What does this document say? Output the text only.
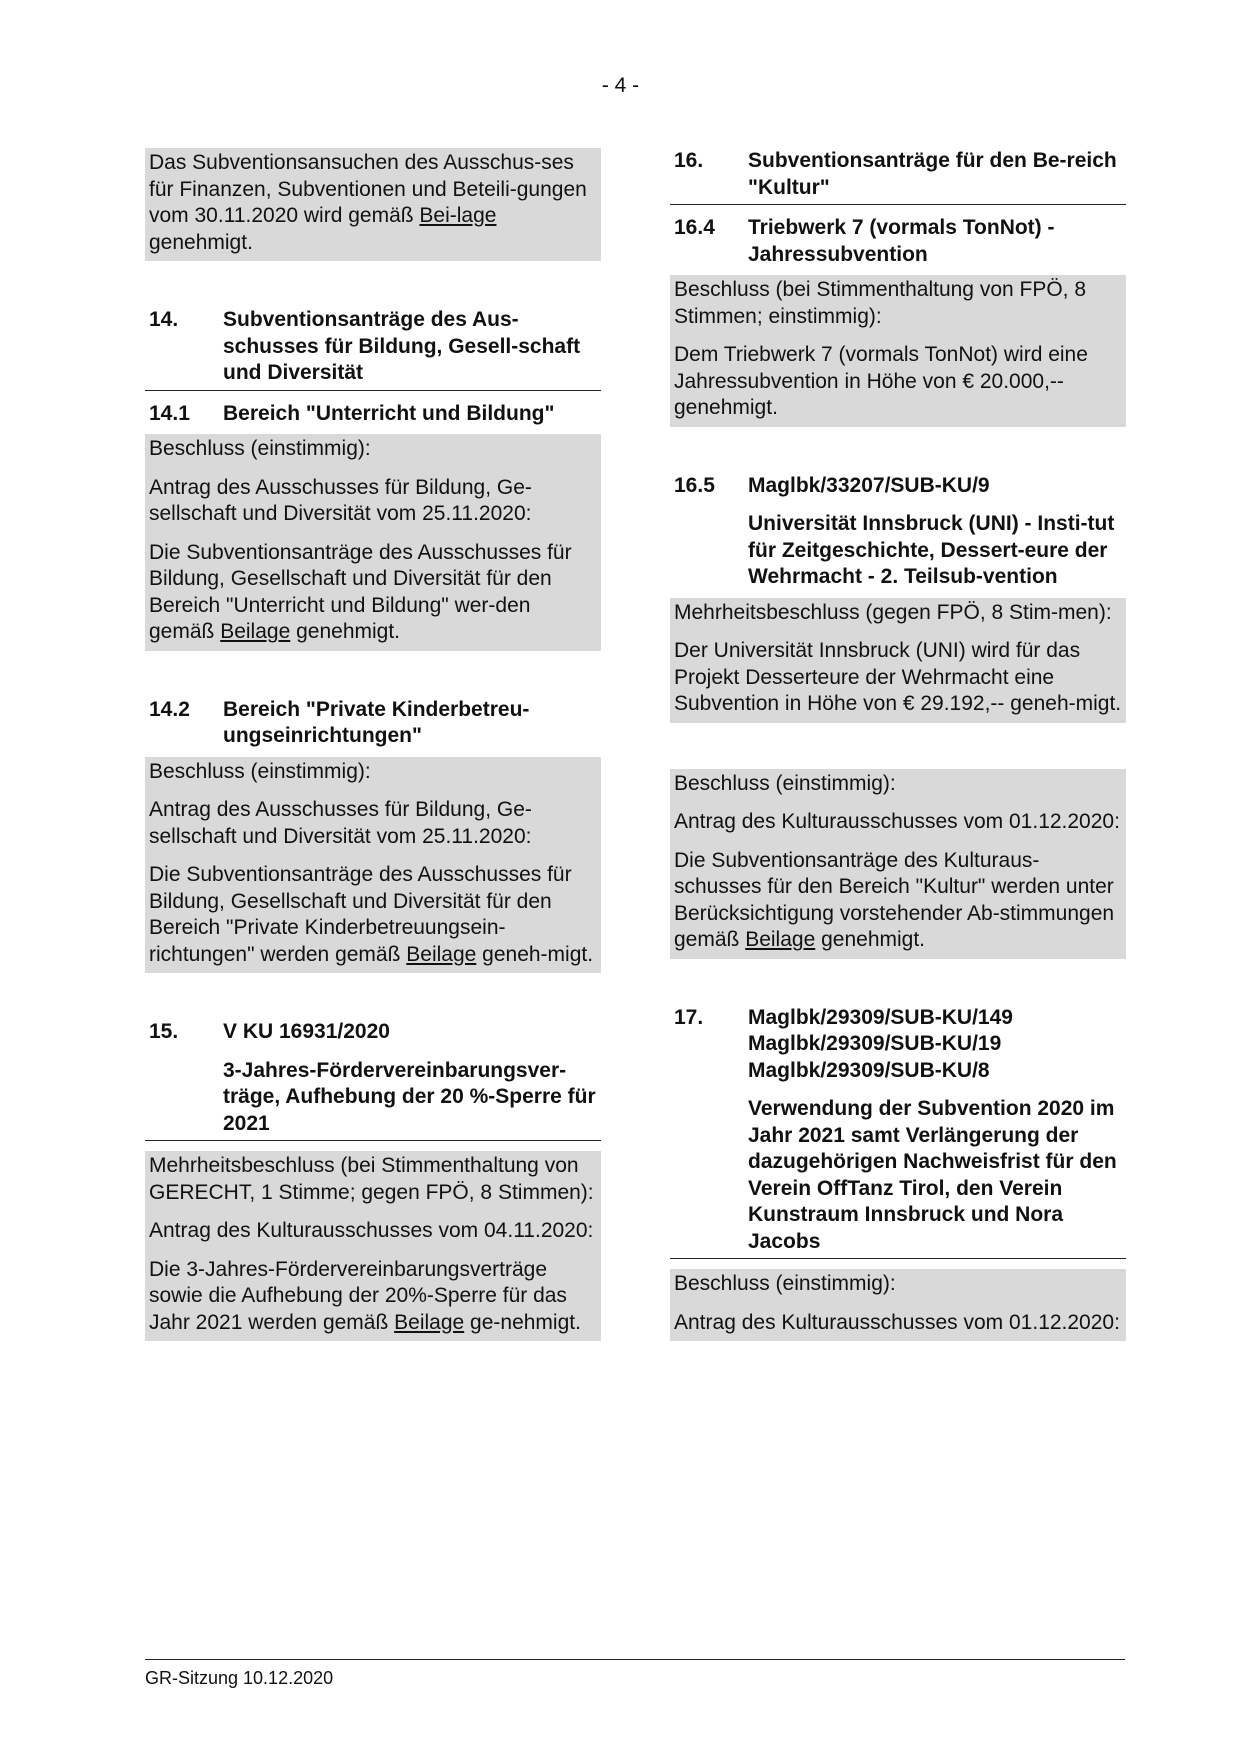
- 4 -

Das Subventionsansuchen des Ausschus-ses für Finanzen, Subventionen und Beteili-gungen vom 30.11.2020 wird gemäß Bei-lage genehmigt.

14.	Subventionsanträge des Aus-schusses für Bildung, Gesell-schaft und Diversität
14.1	Bereich "Unterricht und Bildung"

Beschluss (einstimmig):

Antrag des Ausschusses für Bildung, Ge-sellschaft und Diversität vom 25.11.2020:

Die Subventionsanträge des Ausschusses für Bildung, Gesellschaft und Diversität für den Bereich "Unterricht und Bildung" wer-den gemäß Beilage genehmigt.

14.2	Bereich "Private Kinderbetreu-ungseinrichtungen"

Beschluss (einstimmig):

Antrag des Ausschusses für Bildung, Ge-sellschaft und Diversität vom 25.11.2020:

Die Subventionsanträge des Ausschusses für Bildung, Gesellschaft und Diversität für den Bereich "Private Kinderbetreuungsein-richtungen" werden gemäß Beilage geneh-migt.

15.	V KU 16931/2020
3-Jahres-Fördervereinbarungsver-träge, Aufhebung der 20 %-Sperre für 2021

Mehrheitsbeschluss (bei Stimmenthaltung von GERECHT, 1 Stimme; gegen FPÖ, 8 Stimmen):

Antrag des Kulturausschusses vom 04.11.2020:

Die 3-Jahres-Fördervereinbarungsverträge sowie die Aufhebung der 20%-Sperre für das Jahr 2021 werden gemäß Beilage ge-nehmigt.

16.	Subventionsanträge für den Be-reich "Kultur"
16.4	Triebwerk 7 (vormals TonNot) - Jahressubvention

Beschluss (bei Stimmenthaltung von FPÖ, 8 Stimmen; einstimmig):

Dem Triebwerk 7 (vormals TonNot) wird eine Jahressubvention in Höhe von € 20.000,-- genehmigt.

16.5	Maglbk/33207/SUB-KU/9
Universität Innsbruck (UNI) - Insti-tut für Zeitgeschichte, Dessert-eure der Wehrmacht - 2. Teilsub-vention

Mehrheitsbeschluss (gegen FPÖ, 8 Stim-men):

Der Universität Innsbruck (UNI) wird für das Projekt Desserteure der Wehrmacht eine Subvention in Höhe von € 29.192,-- geneh-migt.

Beschluss (einstimmig):

Antrag des Kulturausschusses vom 01.12.2020:

Die Subventionsanträge des Kulturaus-schusses für den Bereich "Kultur" werden unter Berücksichtigung vorstehender Ab-stimmungen gemäß Beilage genehmigt.

17.	Maglbk/29309/SUB-KU/149
Maglbk/29309/SUB-KU/19
Maglbk/29309/SUB-KU/8
Verwendung der Subvention 2020 im Jahr 2021 samt Verlängerung der dazugehörigen Nachweisfrist für den Verein OffTanz Tirol, den Verein Kunstraum Innsbruck und Nora Jacobs

Beschluss (einstimmig):

Antrag des Kulturausschusses vom 01.12.2020:

GR-Sitzung 10.12.2020
